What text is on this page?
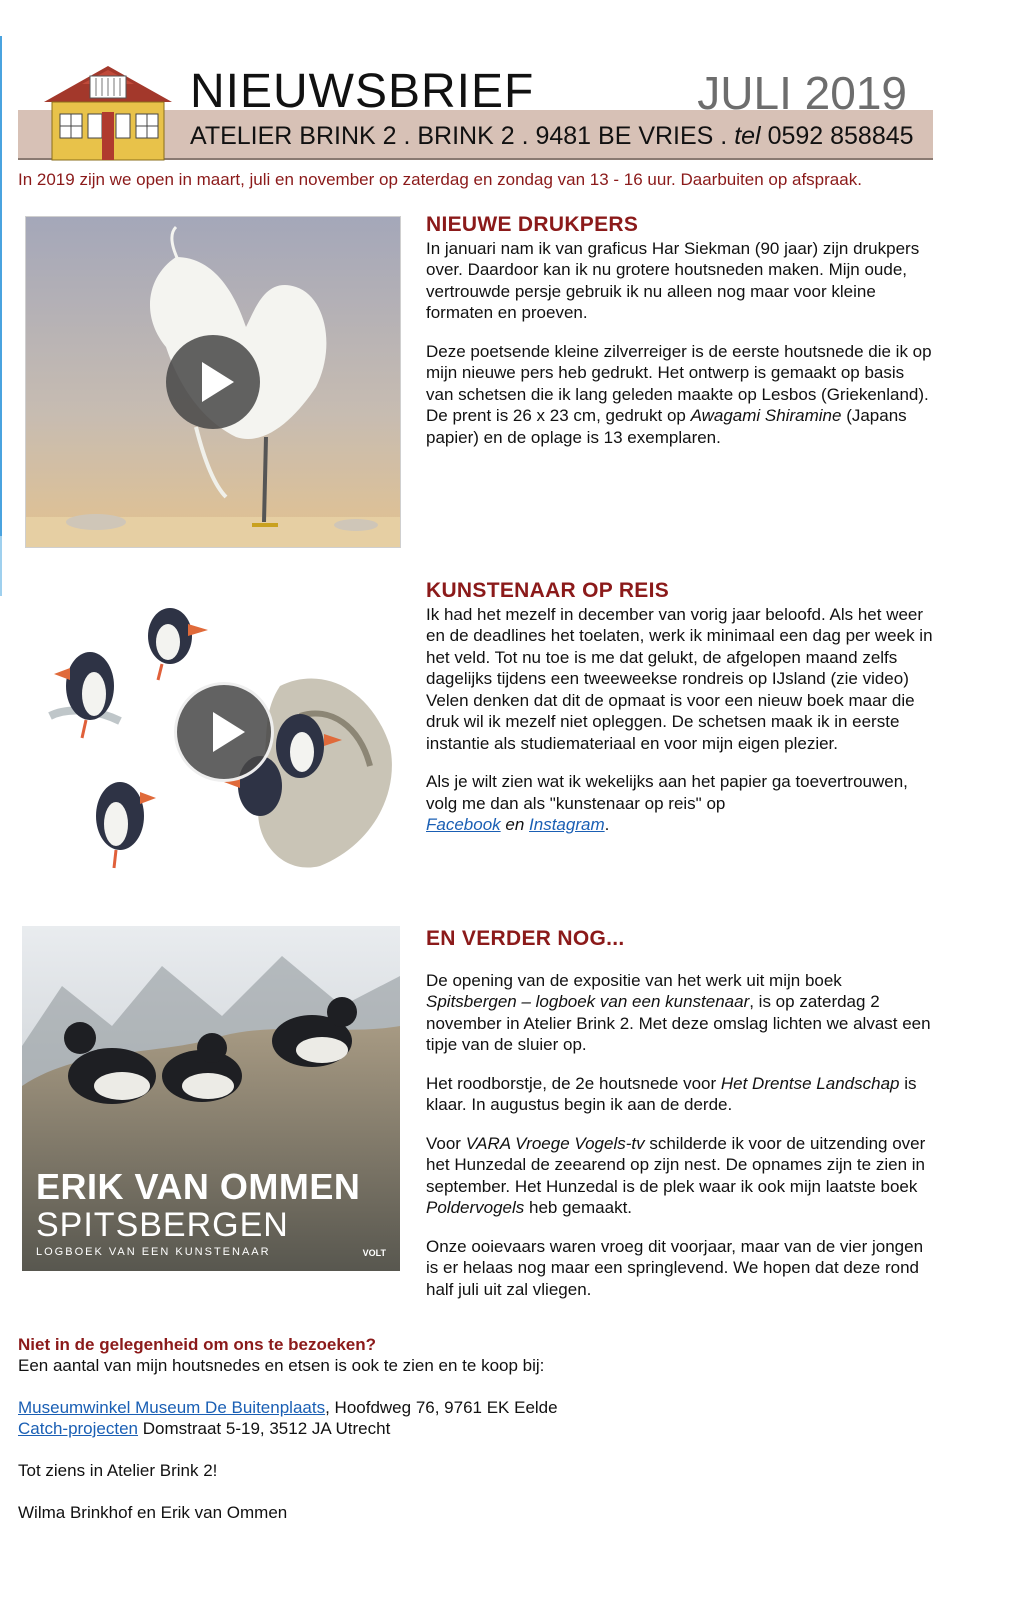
ATELIER BRINK 2 . BRINK 2 . 9481 BE VRIES . tel 0592 858845
NIEUWSBRIEF	JULI 2019
In 2019 zijn we open in maart, juli en november op zaterdag en zondag van 13 - 16 uur. Daarbuiten op afspraak.
NIEUWE DRUKPERS

In januari nam ik van graficus Har Siekman (90 jaar) zijn drukpers over. Daardoor kan ik nu grotere houtsneden maken. Mijn oude, vertrouwde persje gebruik ik nu alleen nog maar voor kleine formaten en proeven.

Deze poetsende kleine zilverreiger is de eerste houtsnede die ik op mijn nieuwe pers heb gedrukt. Het ontwerp is gemaakt op basis van schetsen die ik lang geleden maakte op Lesbos (Griekenland).
De prent is 26 x 23 cm, gedrukt op Awagami Shiramine (Japans papier) en de oplage is 13 exemplaren.

KUNSTENAAR OP REIS

Ik had het mezelf in december van vorig jaar beloofd. Als het weer en de deadlines het toelaten, werk ik minimaal een dag per week in het veld. Tot nu toe is me dat gelukt, de afgelopen maand zelfs dagelijks tijdens een tweeweekse rondreis op IJsland (zie video)
Velen denken dat dit de opmaat is voor een nieuw boek maar die druk wil ik mezelf niet opleggen. De schetsen maak ik in eerste instantie als studiemateriaal en voor mijn eigen plezier.

Als je wilt zien wat ik wekelijks aan het papier ga toevertrouwen, volg me dan als "kunstenaar op reis" op
Facebook en Instagram.

ERIK VAN OMMEN
SPITSBERGEN
LOGBOEK VAN EEN KUNSTENAAR	VOLT
EN VERDER NOG...

De opening van de expositie van het werk uit mijn boek Spitsbergen – logboek van een kunstenaar, is op zaterdag 2 november in Atelier Brink 2. Met deze omslag lichten we alvast een tipje van de sluier op.

Het roodborstje, de 2e houtsnede voor Het Drentse Landschap is klaar. In augustus begin ik aan de derde.

Voor VARA Vroege Vogels-tv schilderde ik voor de uitzending over het Hunzedal de zeearend op zijn nest. De opnames zijn te zien in september. Het Hunzedal is de plek waar ik ook mijn laatste boek Poldervogels heb gemaakt.

Onze ooievaars waren vroeg dit voorjaar, maar van de vier jongen is er helaas nog maar een springlevend. We hopen dat deze rond half juli uit zal vliegen.

Niet in de gelegenheid om ons te bezoeken?

Een aantal van mijn houtsnedes en etsen is ook te zien en te koop bij:

Museumwinkel Museum De Buitenplaats, Hoofdweg 76, 9761 EK Eelde

Catch-projecten Domstraat 5-19, 3512 JA Utrecht

Tot ziens in Atelier Brink 2!

Wilma Brinkhof en Erik van Ommen
